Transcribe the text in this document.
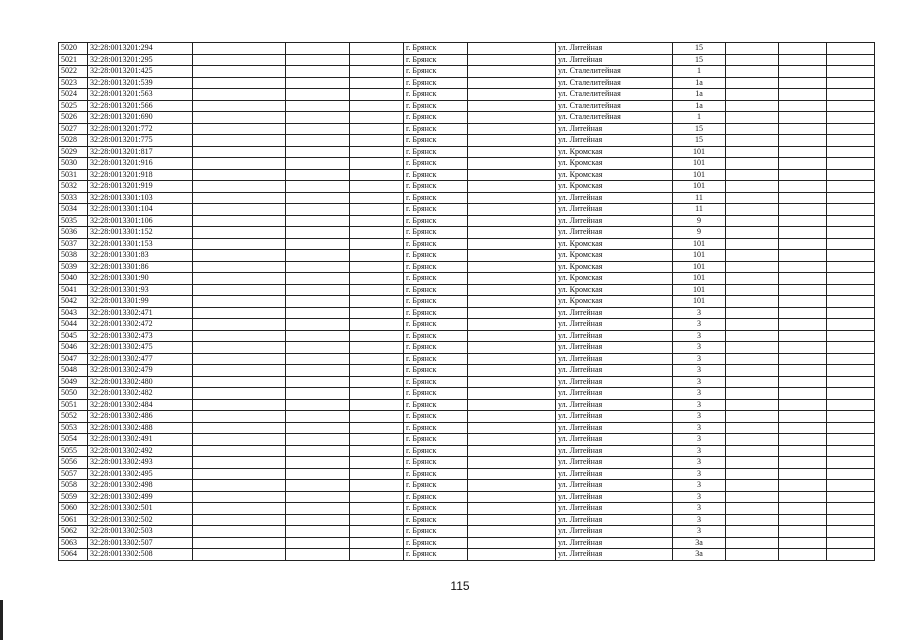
5020	32:28:0013201:294				г. Брянск		ул. Литейная	15			
5021	32:28:0013201:295				г. Брянск		ул. Литейная	15			
5022	32:28:0013201:425				г. Брянск		ул. Сталелитейная	1			
5023	32:28:0013201:539				г. Брянск		ул. Сталелитейная	1а			
5024	32:28:0013201:563				г. Брянск		ул. Сталелитейная	1а			
5025	32:28:0013201:566				г. Брянск		ул. Сталелитейная	1а			
5026	32:28:0013201:690				г. Брянск		ул. Сталелитейная	1			
5027	32:28:0013201:772				г. Брянск		ул. Литейная	15			
5028	32:28:0013201:775				г. Брянск		ул. Литейная	15			
5029	32:28:0013201:817				г. Брянск		ул. Кромская	101			
5030	32:28:0013201:916				г. Брянск		ул. Кромская	101			
5031	32:28:0013201:918				г. Брянск		ул. Кромская	101			
5032	32:28:0013201:919				г. Брянск		ул. Кромская	101			
5033	32:28:0013301:103				г. Брянск		ул. Литейная	11			
5034	32:28:0013301:104				г. Брянск		ул. Литейная	11			
5035	32:28:0013301:106				г. Брянск		ул. Литейная	9			
5036	32:28:0013301:152				г. Брянск		ул. Литейная	9			
5037	32:28:0013301:153				г. Брянск		ул. Кромская	101			
5038	32:28:0013301:83				г. Брянск		ул. Кромская	101			
5039	32:28:0013301:86				г. Брянск		ул. Кромская	101			
5040	32:28:0013301:90				г. Брянск		ул. Кромская	101			
5041	32:28:0013301:93				г. Брянск		ул. Кромская	101			
5042	32:28:0013301:99				г. Брянск		ул. Кромская	101			
5043	32:28:0013302:471				г. Брянск		ул. Литейная	3			
5044	32:28:0013302:472				г. Брянск		ул. Литейная	3			
5045	32:28:0013302:473				г. Брянск		ул. Литейная	3			
5046	32:28:0013302:475				г. Брянск		ул. Литейная	3			
5047	32:28:0013302:477				г. Брянск		ул. Литейная	3			
5048	32:28:0013302:479				г. Брянск		ул. Литейная	3			
5049	32:28:0013302:480				г. Брянск		ул. Литейная	3			
5050	32:28:0013302:482				г. Брянск		ул. Литейная	3			
5051	32:28:0013302:484				г. Брянск		ул. Литейная	3			
5052	32:28:0013302:486				г. Брянск		ул. Литейная	3			
5053	32:28:0013302:488				г. Брянск		ул. Литейная	3			
5054	32:28:0013302:491				г. Брянск		ул. Литейная	3			
5055	32:28:0013302:492				г. Брянск		ул. Литейная	3			
5056	32:28:0013302:493				г. Брянск		ул. Литейная	3			
5057	32:28:0013302:495				г. Брянск		ул. Литейная	3			
5058	32:28:0013302:498				г. Брянск		ул. Литейная	3			
5059	32:28:0013302:499				г. Брянск		ул. Литейная	3			
5060	32:28:0013302:501				г. Брянск		ул. Литейная	3			
5061	32:28:0013302:502				г. Брянск		ул. Литейная	3			
5062	32:28:0013302:503				г. Брянск		ул. Литейная	3			
5063	32:28:0013302:507				г. Брянск		ул. Литейная	3а			
5064	32:28:0013302:508				г. Брянск		ул. Литейная	3а			
115
